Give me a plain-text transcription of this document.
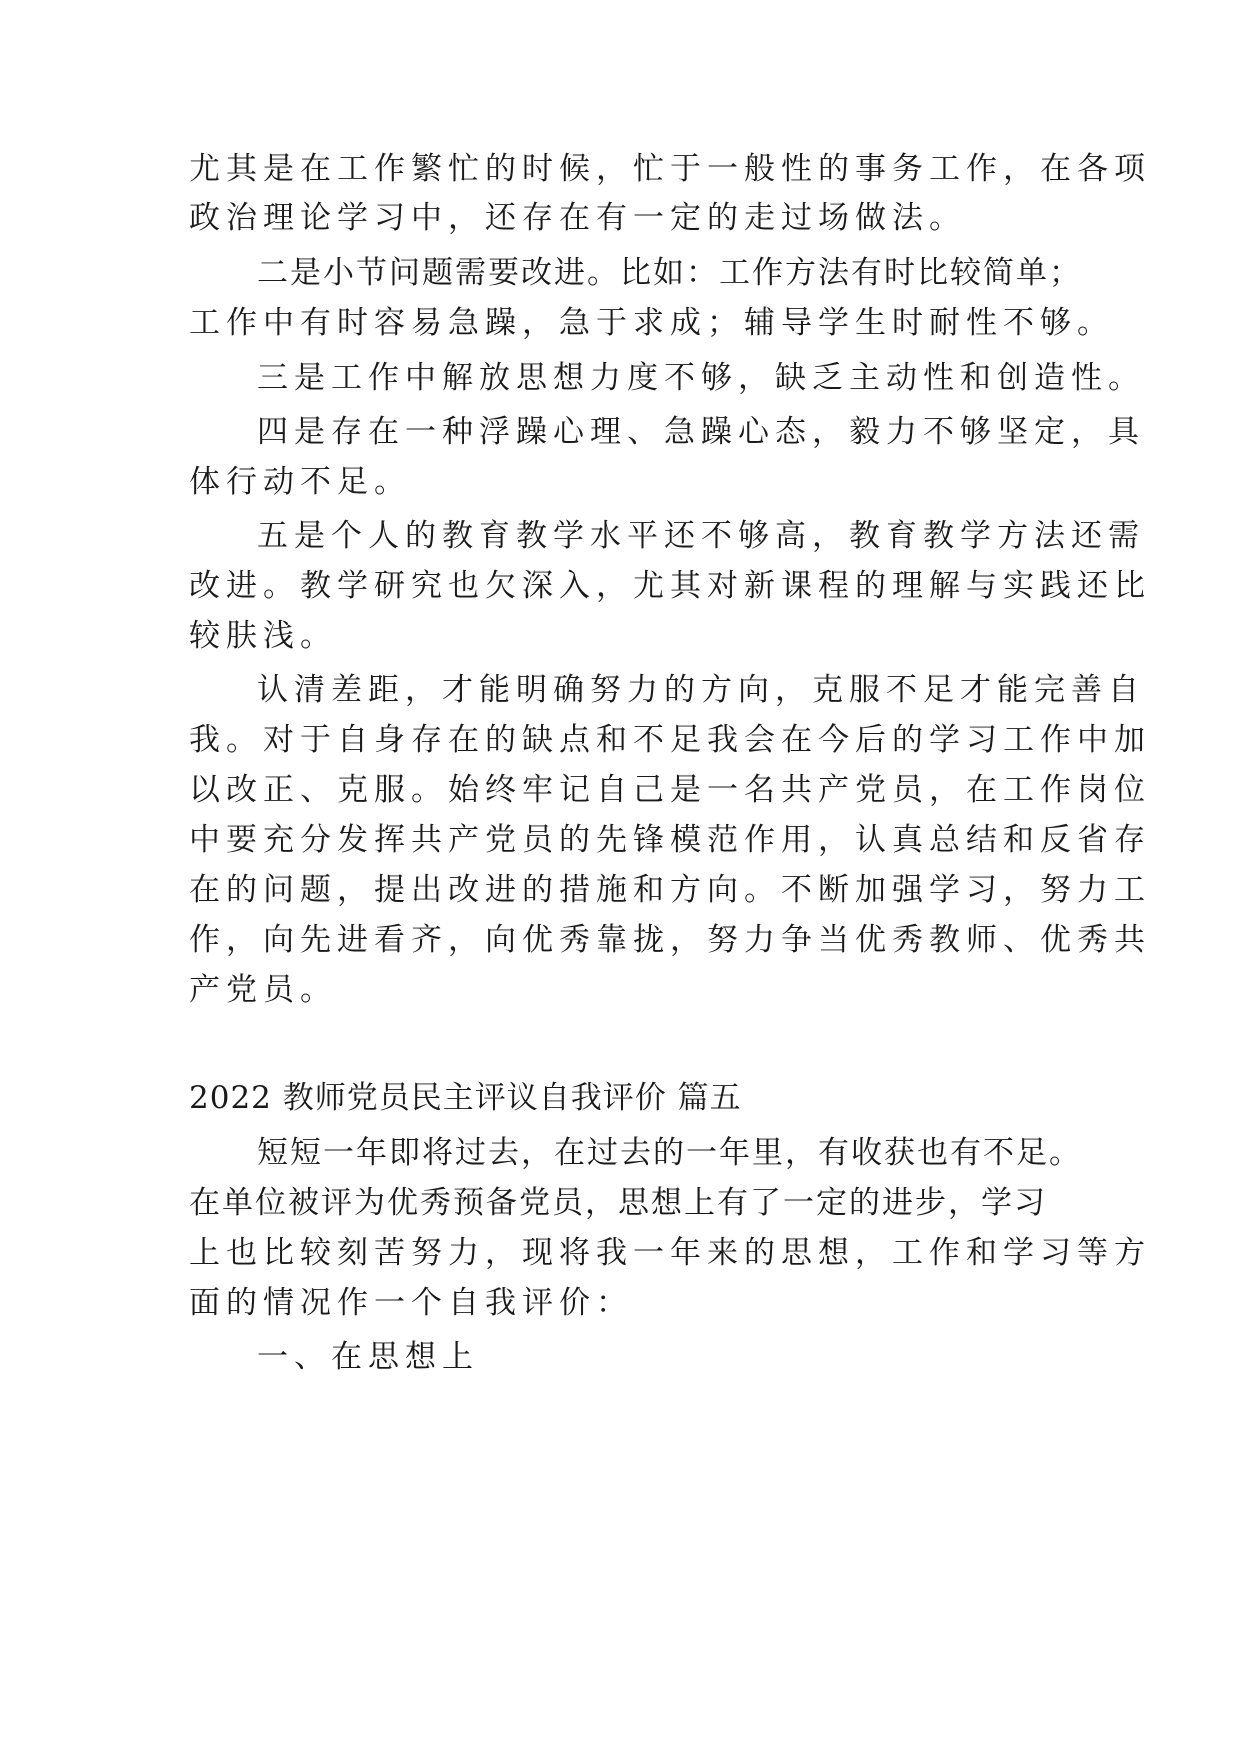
尤其是在工作繁忙的时候，忙于一般性的事务工作，在各项
政治理论学习中，还存在有一定的走过场做法。
二是小节问题需要改进。比如：工作方法有时比较简单；
工作中有时容易急躁，急于求成；辅导学生时耐性不够。
三是工作中解放思想力度不够，缺乏主动性和创造性。
四是存在一种浮躁心理、急躁心态，毅力不够坚定，具
体行动不足。
五是个人的教育教学水平还不够高，教育教学方法还需
改进。教学研究也欠深入，尤其对新课程的理解与实践还比
较肤浅。
认清差距，才能明确努力的方向，克服不足才能完善自
我。对于自身存在的缺点和不足我会在今后的学习工作中加
以改正、克服。始终牢记自己是一名共产党员，在工作岗位
中要充分发挥共产党员的先锋模范作用，认真总结和反省存
在的问题，提出改进的措施和方向。不断加强学习，努力工
作，向先进看齐，向优秀靠拢，努力争当优秀教师、优秀共
产党员。
2022 教师党员民主评议自我评价 篇五
短短一年即将过去，在过去的一年里，有收获也有不足。
在单位被评为优秀预备党员，思想上有了一定的进步，学习
上也比较刻苦努力，现将我一年来的思想，工作和学习等方
面的情况作一个自我评价：
一、在思想上
